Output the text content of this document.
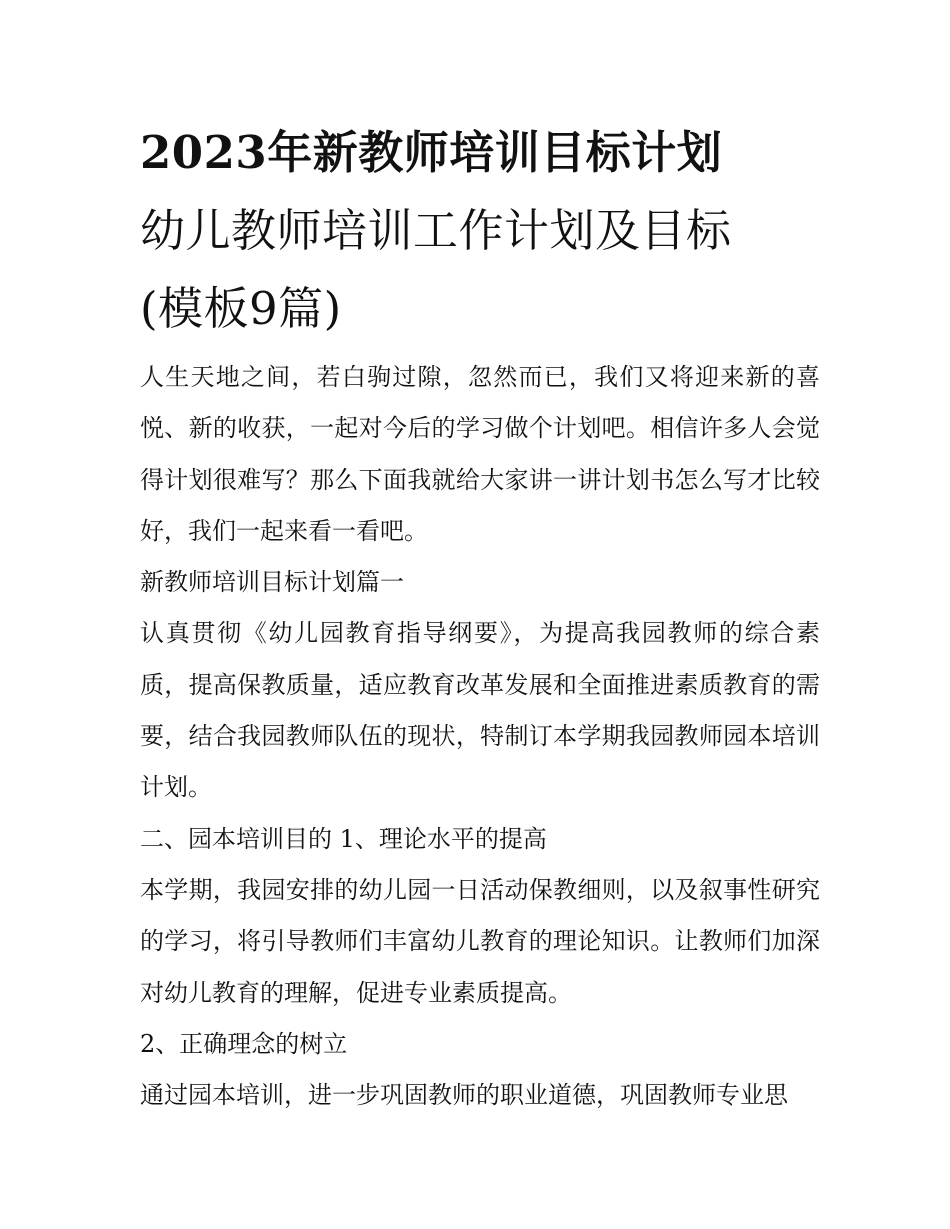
2023年新教师培训目标计划
幼儿教师培训工作计划及目标
(模板9篇)

人生天地之间，若白驹过隙，忽然而已，我们又将迎来新的喜悦、新的收获，一起对今后的学习做个计划吧。相信许多人会觉得计划很难写？那么下面我就给大家讲一讲计划书怎么写才比较好，我们一起来看一看吧。

新教师培训目标计划篇一

认真贯彻《幼儿园教育指导纲要》，为提高我园教师的综合素质，提高保教质量，适应教育改革发展和全面推进素质教育的需要，结合我园教师队伍的现状，特制订本学期我园教师园本培训计划。

二、园本培训目的 1、理论水平的提高

本学期，我园安排的幼儿园一日活动保教细则，以及叙事性研究的学习，将引导教师们丰富幼儿教育的理论知识。让教师们加深对幼儿教育的理解，促进专业素质提高。

2、正确理念的树立

通过园本培训，进一步巩固教师的职业道德，巩固教师专业思
